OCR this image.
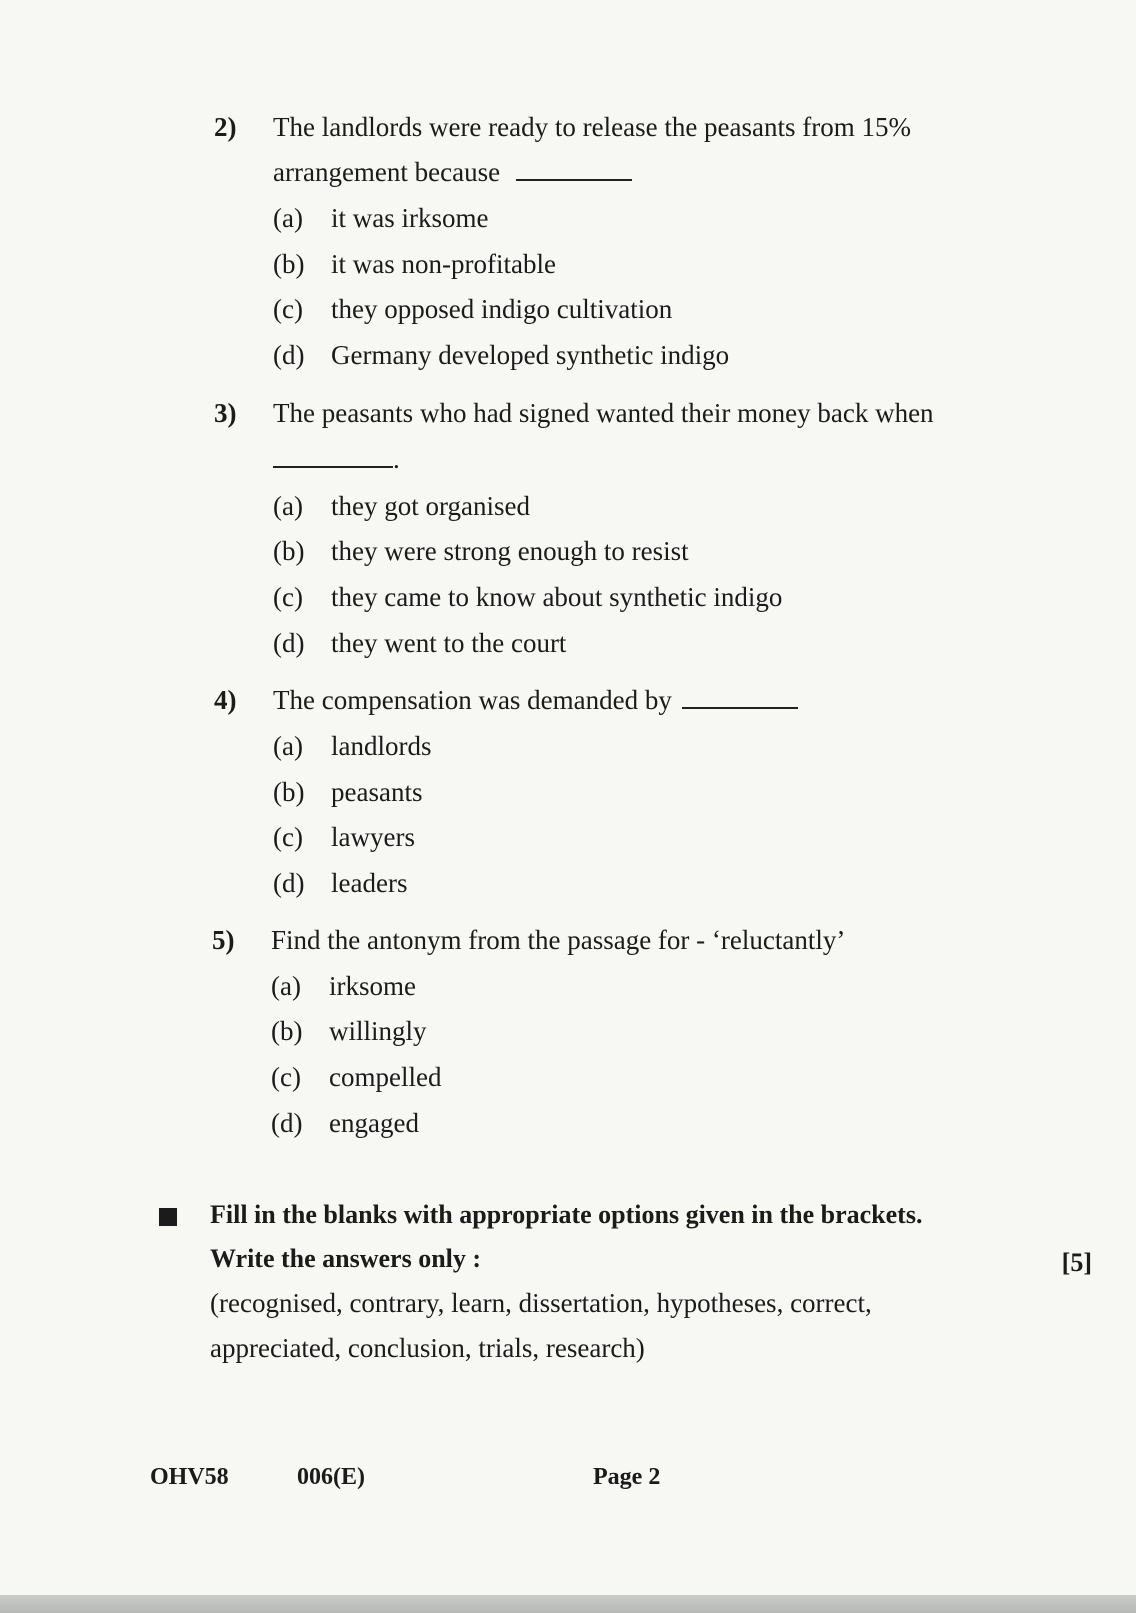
2) The landlords were ready to release the peasants from 15%
arrangement because
(a) it was irksome
(b) it was non-profitable
(c) they opposed indigo cultivation
(d) Germany developed synthetic indigo
3) The peasants who had signed wanted their money back when
.
(a) they got organised
(b) they were strong enough to resist
(c) they came to know about synthetic indigo
(d) they went to the court
4) The compensation was demanded by
(a) landlords
(b) peasants
(c) lawyers
(d) leaders
5) Find the antonym from the passage for - ‘reluctantly’
(a) irksome
(b) willingly
(c) compelled
(d) engaged
Fill in the blanks with appropriate options given in the brackets.
Write the answers only :	[5]
(recognised, contrary, learn, dissertation, hypotheses, correct,
appreciated, conclusion, trials, research)
OHV58	006(E)	Page 2
